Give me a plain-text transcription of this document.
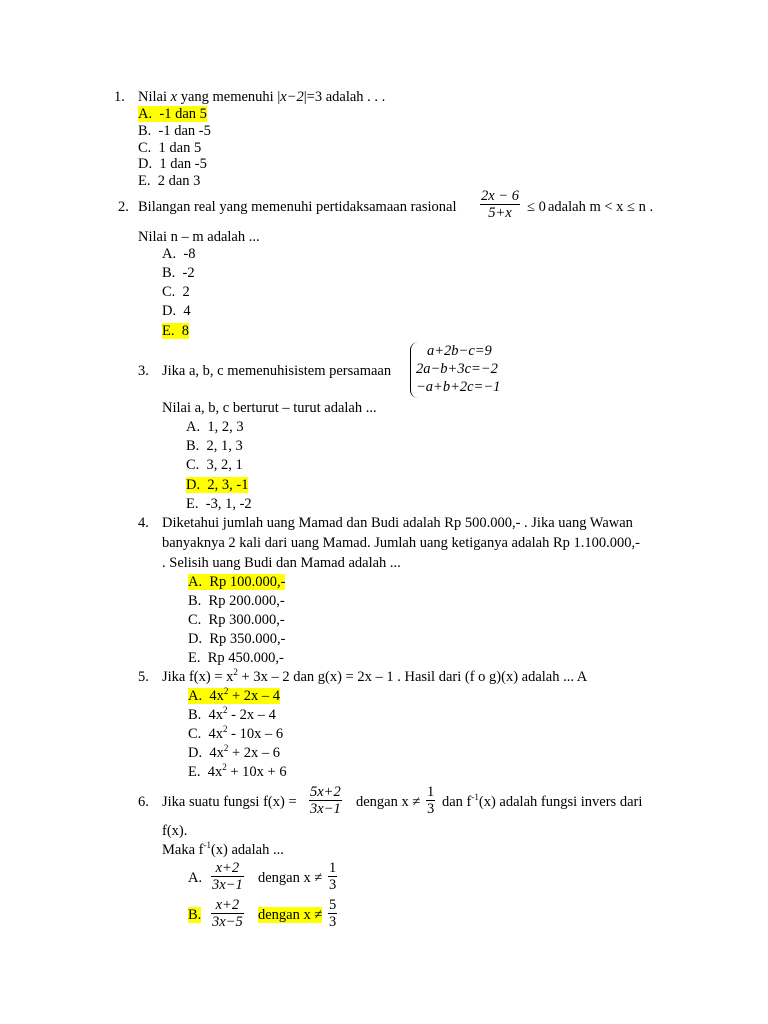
1. Nilai x yang memenuhi |x−2|=3 adalah . . .
A. -1 dan 5
B. -1 dan -5
C.  1 dan 5
D. 1 dan -5
E. 2 dan 3
2. Bilangan real yang memenuhi pertidaksamaan rasional $\frac{2x - 6}{5+x} \le 0$ adalah m < x ≤ n .
Nilai n – m adalah ...
A. -8
B. -2
C. 2
D. 4
E. 8
3. Jika a, b, c memenuhisistem persamaan
a+2b−c=9
2a−b+3c=−2
−a+b+2c=−1
Nilai a, b, c berturut – turut adalah ...
A. 1, 2, 3
B. 2, 1, 3
C. 3, 2, 1
D. 2, 3, -1
E. -3, 1, -2
4. Diketahui jumlah uang Mamad dan Budi adalah Rp 500.000,- . Jika uang Wawan
banyaknya 2 kali dari uang Mamad. Jumlah uang ketiganya adalah Rp 1.100.000,-
. Selisih uang Budi dan Mamad adalah ...
A. Rp 100.000,-
B. Rp 200.000,-
C. Rp 300.000,-
D. Rp 350.000,-
E. Rp 450.000,-
5. Jika $f(x) = x^2 + 3x - 2$ dan g(x) = 2x – 1 . Hasil dari (f o g)(x) adalah ... A
A. $4x^2 + 2x - 4$
B. $4x^2 - 2x - 4$
C. $4x^2 - 10x - 6$
D. $4x^2 + 2x - 6$
E. $4x^2 + 10x + 6$
6. Jika suatu fungsi $f(x) = \frac{5x+2}{3x-1}$ dengan $x \ne \frac{1}{3}$ dan $f^{-1}(x)$ adalah fungsi invers dari
f(x).
Maka $f^{-1}(x)$ adalah ...
A. $\frac{x+2}{3x-1}$ dengan $x \ne \frac{1}{3}$
B. $\frac{x+2}{3x-5}$ dengan $x \ne \frac{5}{3}$
